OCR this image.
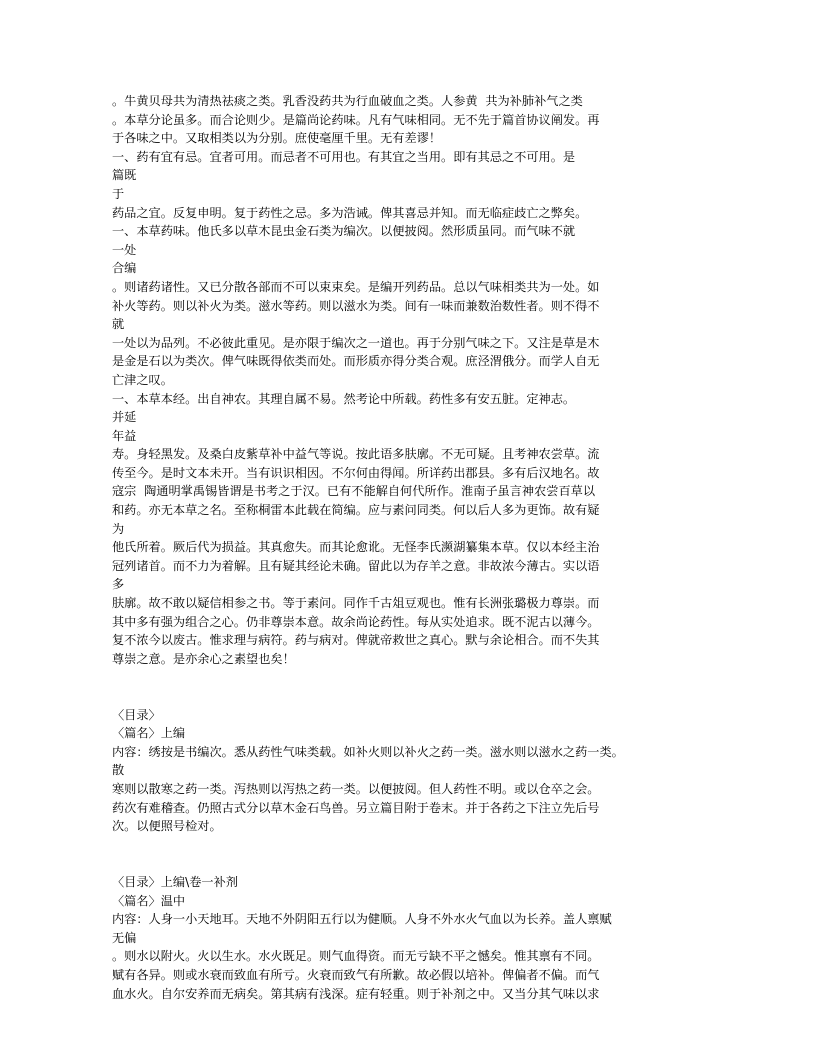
。牛黄贝母共为清热祛痰之类。乳香没药共为行血破血之类。人参黄  共为补肺补气之类
。本草分论虽多。而合论则少。是篇尚论药味。凡有气味相同。无不先于篇首协议阐发。再
于各味之中。又取相类以为分别。庶使毫厘千里。无有差谬！
一、药有宜有忌。宜者可用。而忌者不可用也。有其宜之当用。即有其忌之不可用。是
篇既
于
药品之宜。反复申明。复于药性之忌。多为浩诫。俾其喜忌并知。而无临症歧亡之弊矣。
一、本草药味。他氏多以草木昆虫金石类为编次。以便披阅。然形质虽同。而气味不就
一处
合编
。则诸药诸性。又已分散各部而不可以束束矣。是编开列药品。总以气味相类共为一处。如
补火等药。则以补火为类。滋水等药。则以滋水为类。间有一味而兼数治数性者。则不得不
就
一处以为品列。不必彼此重见。是亦限于编次之一道也。再于分别气味之下。又注是草是木
是金是石以为类次。俾气味既得依类而处。而形质亦得分类合观。庶泾渭俄分。而学人自无
亡津之叹。
一、本草本经。出自神农。其理自属不易。然考论中所载。药性多有安五脏。定神志。
并延
年益
寿。身轻黑发。及桑白皮紫草补中益气等说。按此语多肤廓。不无可疑。且考神农尝草。流
传至今。是时文本未开。当有识识相因。不尔何由得闻。所详药出郡县。多有后汉地名。故
寇宗  陶通明掌禹锡皆谓是书考之于汉。已有不能解自何代所作。淮南子虽言神农尝百草以
和药。亦无本草之名。至称桐雷本此载在简编。应与素问同类。何以后人多为更饰。故有疑
为
他氏所着。厥后代为损益。其真愈失。而其论愈讹。无怪李氏濒湖纂集本草。仅以本经主治
冠列诸首。而不力为着解。且有疑其经论未确。留此以为存羊之意。非故浓今薄古。实以语
多
肤廓。故不敢以疑信相参之书。等于素问。同作千古俎豆观也。惟有长洲张璐极力尊崇。而
其中多有强为组合之心。仍非尊崇本意。故余尚论药性。每从实处追求。既不泥古以薄今。
复不浓今以废古。惟求理与病符。药与病对。俾就帝救世之真心。默与余论相合。而不失其
尊崇之意。是亦余心之素望也矣！
〈目录〉
〈篇名〉上编
内容：绣按是书编次。悉从药性气味类载。如补火则以补火之药一类。滋水则以滋水之药一类。
散
寒则以散寒之药一类。泻热则以泻热之药一类。以便披阅。但人药性不明。或以仓卒之会。
药次有难稽查。仍照古式分以草木金石鸟兽。另立篇目附于卷末。并于各药之下注立先后号
次。以便照号检对。
〈目录〉上编\卷一补剂
〈篇名〉温中
内容：人身一小天地耳。天地不外阴阳五行以为健顺。人身不外水火气血以为长养。盖人禀赋
无偏
。则水以附火。火以生水。水火既足。则气血得资。而无亏缺不平之憾矣。惟其禀有不同。
赋有各异。则或水衰而致血有所亏。火衰而致气有所歉。故必假以培补。俾偏者不偏。而气
血水火。自尔安养而无病矣。第其病有浅深。症有轻重。则于补剂之中。又当分其气味以求
